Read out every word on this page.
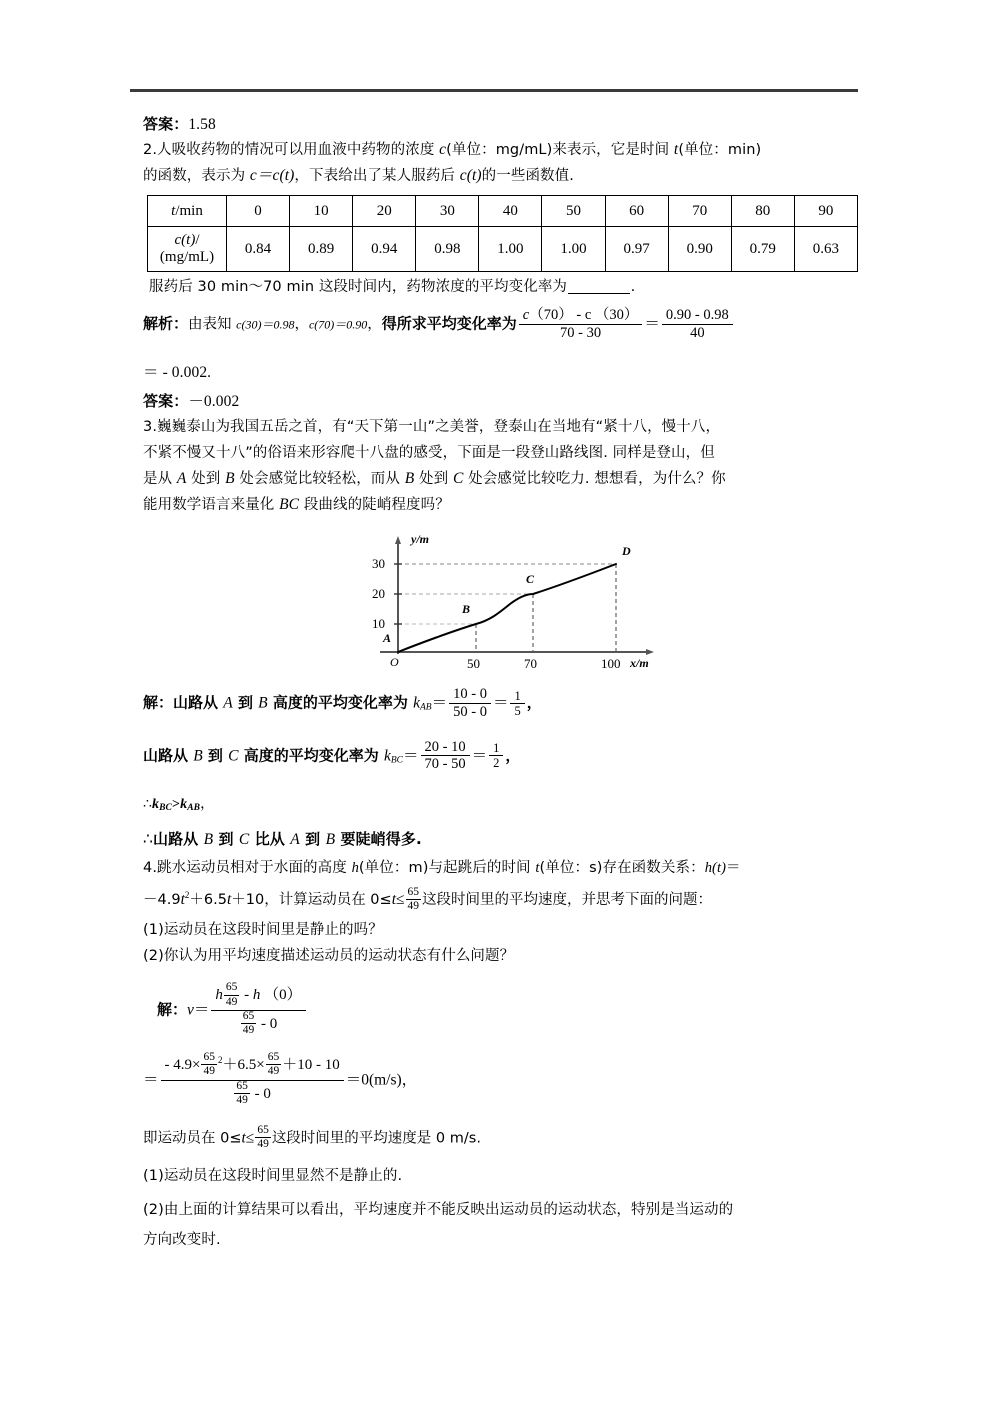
答案：1.58
2.人吸收药物的情况可以用血液中药物的浓度 c(单位：mg/mL)来表示，它是时间 t(单位：min)
的函数，表示为 c＝c(t)，下表给出了某人服药后 c(t)的一些函数值.
t/min	0	10	20	30	40	50	60	70	80	90
c(t)/
(mg/mL)	0.84	0.89	0.94	0.98	1.00	1.00	0.97	0.90	0.79	0.63
服药后 30 min～70 min 这段时间内，药物浓度的平均变化率为	.
解析：由表知 c(30)＝0.98，c(70)＝0.90，得所求平均变化率为 $\frac{c(70) - c (30)}{70 - 30} = \frac{0.90 - 0.98}{40}$
＝ - 0.002.
答案：－0.002
3.巍巍泰山为我国五岳之首，有“天下第一山”之美誉，登泰山在当地有“紧十八，慢十八，
不紧不慢又十八”的俗语来形容爬十八盘的感受，下面是一段登山路线图. 同样是登山，但
是从 A 处到 B 处会感觉比较轻松，而从 B 处到 C 处会感觉比较吃力. 想想看，为什么？你
能用数学语言来量化 BC 段曲线的陡峭程度吗？
y/m
30
20
10
A
B
C
D
O	50	70	100 x/m
解：山路从 A 到 B 高度的平均变化率为 $k_{AB}= \frac{10 - 0}{50 - 0} = \frac{1}{5}$ ，
山路从 B 到 C 高度的平均变化率为 $k_{BC}= \frac{20 - 10}{70 - 50} = \frac{1}{2}$ ，
$\therefore k_{BC}>k_{AB}$，
∴山路从 B 到 C 比从 A 到 B 要陡峭得多.
4.跳水运动员相对于水面的高度 h(单位：m)与起跳后的时间 t(单位：s)存在函数关系：h(t)＝
$-4.9t^2+6.5t+10$，计算运动员在 $0\le t\le \frac{65}{49}$ 这段时间里的平均速度，并思考下面的问题：
(1)运动员在这段时间里是静止的吗？
(2)你认为用平均速度描述运动员的运动状态有什么问题？
解：$v= \frac{h \frac{65}{49} - h (0)}{\frac{65}{49} - 0}$
＝ $\frac{- 4.9\times \frac{65}{49} ^2+6.5\times \frac{65}{49} +10 - 10}{\frac{65}{49} - 0} =0(m/s)$，
即运动员在 $0\le t\le \frac{65}{49}$ 这段时间里的平均速度是 0 m/s.
(1)运动员在这段时间里显然不是静止的.
(2)由上面的计算结果可以看出，平均速度并不能反映出运动员的运动状态，特别是当运动的
方向改变时.
